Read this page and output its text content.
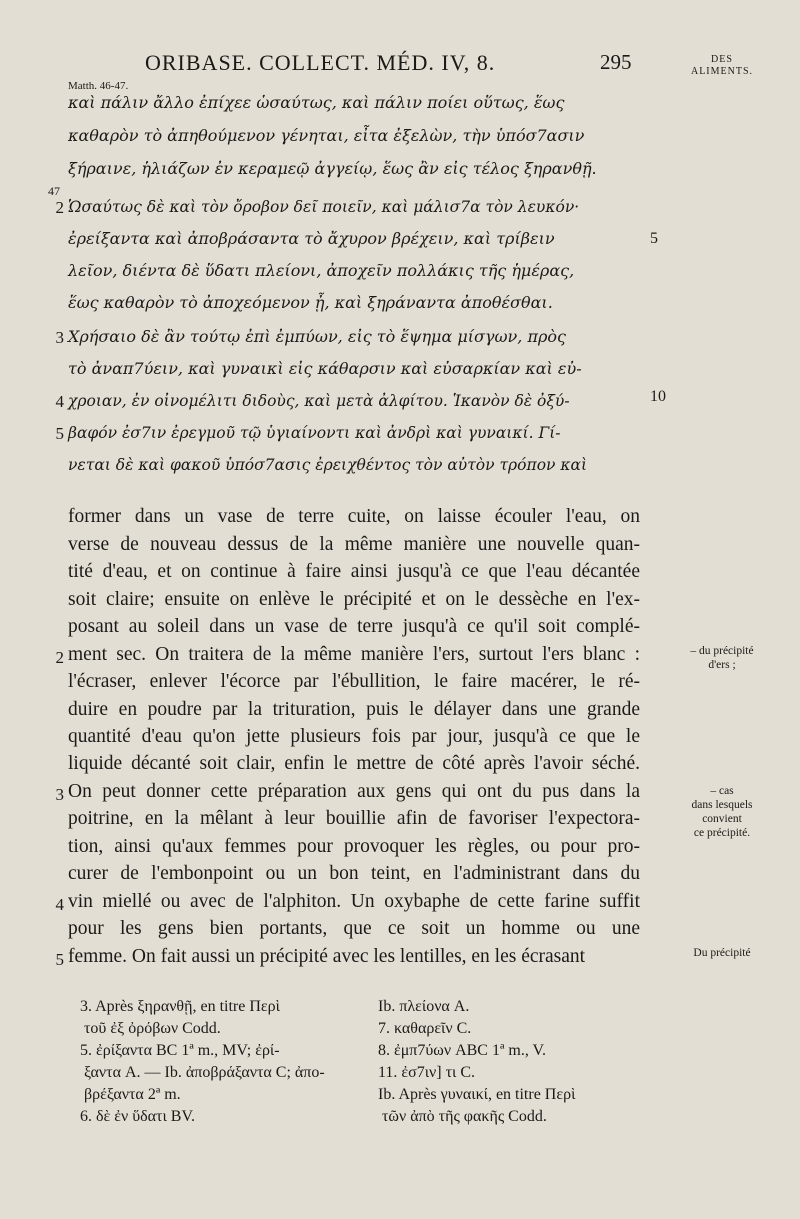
ORIBASE. COLLECT. MÉD. IV, 8.	295	DES
ALIMENTS.
Matth. 46-47.
καὶ πάλιν ἄλλο ἐπίχεε ὡσαύτως, καὶ πάλιν ποίει οὕτως, ἕως
καθαρὸν τὸ ἀπηθούμενον γένηται, εἶτα ἐξελὼν, τὴν ὑπόσ7ασιν
ξήραινε, ἡλιάζων ἐν κεραμεῷ ἀγγείῳ, ἕως ἂν εἰς τέλος ξηρανθῇ.
Ὡσαύτως δὲ καὶ τὸν ὄροβον δεῖ ποιεῖν, καὶ μάλισ7α τὸν λευκόν·
ἐρείξαντα καὶ ἀποβράσαντα τὸ ἄχυρον βρέχειν, καὶ τρίβειν
λεῖον, διέντα δὲ ὕδατι πλείονι, ἀποχεῖν πολλάκις τῆς ἡμέρας,
ἕως καθαρὸν τὸ ἀποχεόμενον ᾖ, καὶ ξηράναντα ἀποθέσθαι.
Χρήσαιο δὲ ἂν τούτῳ ἐπὶ ἐμπύων, εἰς τὸ ἕψημα μίσγων, πρὸς
τὸ ἀναπ7ύειν, καὶ γυναικὶ εἰς κάθαρσιν καὶ εὐσαρκίαν καὶ εὐ-
χροιαν, ἐν οἰνομέλιτι διδοὺς, καὶ μετὰ ἀλφίτου. Ἱκανὸν δὲ ὀξύ-
βαφόν ἐσ7ιν ἐρεγμοῦ τῷ ὑγιαίνοντι καὶ ἀνδρὶ καὶ γυναικί. Γί-
νεται δὲ καὶ φακοῦ ὑπόσ7ασις ἐρειχθέντος τὸν αὐτὸν τρόπον καὶ
47
2
3
4
5
5
10
former dans un vase de terre cuite, on laisse écouler l'eau, on
verse de nouveau dessus de la même manière une nouvelle quan-
tité d'eau, et on continue à faire ainsi jusqu'à ce que l'eau décantée
soit claire; ensuite on enlève le précipité et on le dessèche en l'ex-
posant au soleil dans un vase de terre jusqu'à ce qu'il soit complé-
ment sec. On traitera de la même manière l'ers, surtout l'ers blanc :
l'écraser, enlever l'écorce par l'ébullition, le faire macérer, le ré-
duire en poudre par la trituration, puis le délayer dans une grande
quantité d'eau qu'on jette plusieurs fois par jour, jusqu'à ce que le
liquide décanté soit clair, enfin le mettre de côté après l'avoir séché.
On peut donner cette préparation aux gens qui ont du pus dans la
poitrine, en la mêlant à leur bouillie afin de favoriser l'expectora-
tion, ainsi qu'aux femmes pour provoquer les règles, ou pour pro-
curer de l'embonpoint ou un bon teint, en l'administrant dans du
vin miellé ou avec de l'alphiton. Un oxybaphe de cette farine suffit
pour les gens bien portants, que ce soit un homme ou une
femme. On fait aussi un précipité avec les lentilles, en les écrasant
2
3
4
5
– du précipité
d'ers ;
– cas
dans lesquels
convient
ce précipité.
Du précipité
3. Après ξηρανθῇ, en titre Περὶ
τοῦ ἐξ ὀρόβων Codd.
5. ἐρίξαντα BC 1ª m., MV; ἐρί-
ξαντα A. — Ib. ἀποβράξαντα C; ἀπο-
βρέξαντα 2ª m.
6. δὲ ἐν ὕδατι BV.
Ib. πλείονα A.
7. καθαρεῖν C.
8. ἐμπ7ύων ABC 1ª m., V.
11. ἐσ7ιν] τι C.
Ib. Après γυναικί, en titre Περὶ
τῶν ἀπὸ τῆς φακῆς Codd.
